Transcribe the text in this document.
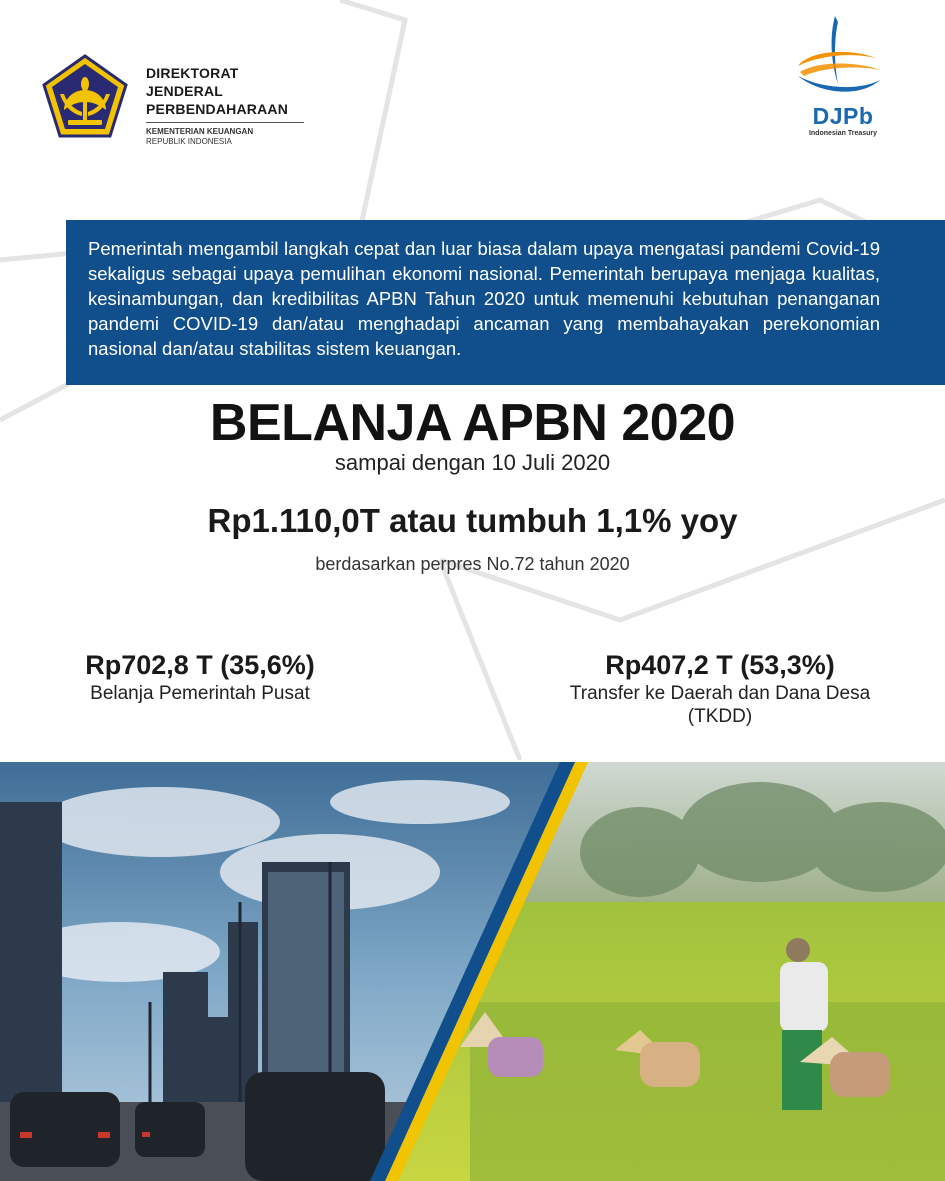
DIREKTORAT JENDERAL
PERBENDAHARAAN
KEMENTERIAN KEUANGAN
REPUBLIK INDONESIA
DJPb
Indonesian Treasury

Pemerintah mengambil langkah cepat dan luar biasa dalam upaya mengatasi pandemi Covid-19 sekaligus sebagai upaya pemulihan ekonomi nasional. Pemerintah berupaya menjaga kualitas, kesinambungan, dan kredibilitas APBN Tahun 2020 untuk memenuhi kebutuhan penanganan pandemi COVID-19 dan/atau menghadapi ancaman yang membahayakan perekonomian nasional dan/atau stabilitas sistem keuangan.

BELANJA APBN 2020
sampai dengan 10 Juli 2020
Rp1.110,0T atau tumbuh 1,1% yoy
berdasarkan perpres No.72 tahun 2020
Rp702,8 T (35,6%)
Belanja Pemerintah Pusat
Rp407,2 T (53,3%)
Transfer ke Daerah dan Dana Desa
(TKDD)
